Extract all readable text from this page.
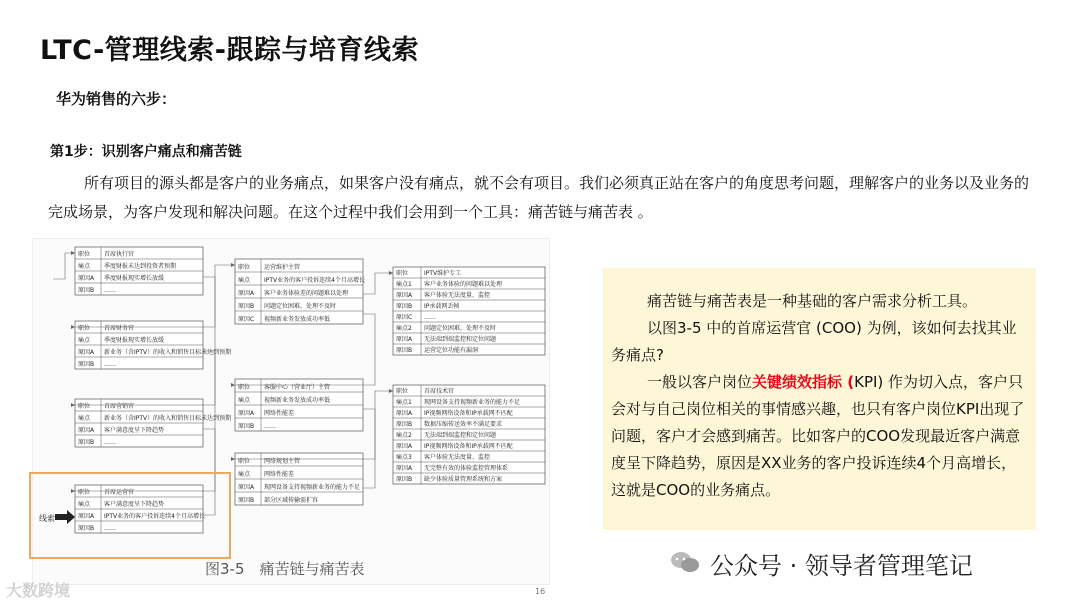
LTC-管理线索-跟踪与培育线索
华为销售的六步：
第1步：识别客户痛点和痛苦链
所有项目的源头都是客户的业务痛点，如果客户没有痛点，就不会有项目。我们必须真正站在客户的角度思考问题，理解客户的业务以及业务的完成场景，为客户发现和解决问题。在这个过程中我们会用到一个工具：痛苦链与痛苦表 。
职位 首席执行官
痛点 季度财报未达到投资者预期
原因A 季度财报现实增长放缓
原因B ……
职位 首席财务官
痛点 季度财报现实增长放缓
原因A 新业务（含IPTV）的收入和销售目标未达到预期
原因B ……
职位 首席营销官
痛点 新业务（含IPTV）的收入和销售目标未达到预期
原因A 客户满意度呈下降趋势
原因B ……
职位 首席运营官
痛点 客户满意度呈下降趋势
原因A IPTV业务的客户投诉连续4个月高增长
原因B ……
职位 运营维护主管
痛点 IPTV业务的客户投诉连续4个月高增长
原因A 客户业务体验差的问题难以处理
原因B 问题定位困难，处理不及时
原因C 视频新业务发放成功率低
职位 客服中心（营业厅）主管
痛点 视频新业务发放成功率低
原因A 网络性能差
原因B ……
职位 网络规划主管
痛点 网络性能差
原因A 现网设备支持视频新业务的能力不足
原因B 部分区域传输需扩容
职位	IPTV维护专工
痛点1 客户业务体验的问题难以处理
原因A 客户体验无法度量、监控
原因B IP承载网丢帧
原因C ……
痛点2 问题定位困难，处理不及时
原因A 无法端到端监控和定位问题
原因B 运营定位功能有漏洞
职位	首席技术官
痛点1 现网设备支持视频新业务的能力不足
原因A IP视频网络设备和IP承载网不匹配
原因B 数据压缩传送效率不满足要求
痛点2 无法端到端监控和定位问题
原因A IP视频网络设备和IP承载网不匹配
痛点3 客户体验无法度量、监控
原因A 无完整有效的体验监控管理体系
原因B 缺少体验质量管理系统和方案
线索
图3-5　痛苦链与痛苦表
16

痛苦链与痛苦表是一种基础的客户需求分析工具。

以图3-5 中的首席运营官 (COO) 为例，该如何去找其业务痛点?

一般以客户岗位关键绩效指标 (KPI) 作为切入点，客户只会对与自己岗位相关的事情感兴趣，也只有客户岗位KPI出现了问题，客户才会感到痛苦。比如客户的COO发现最近客户满意度呈下降趋势，原因是XX业务的客户投诉连续4个月高增长，这就是COO的业务痛点。

公众号 · 领导者管理笔记
大数跨境
